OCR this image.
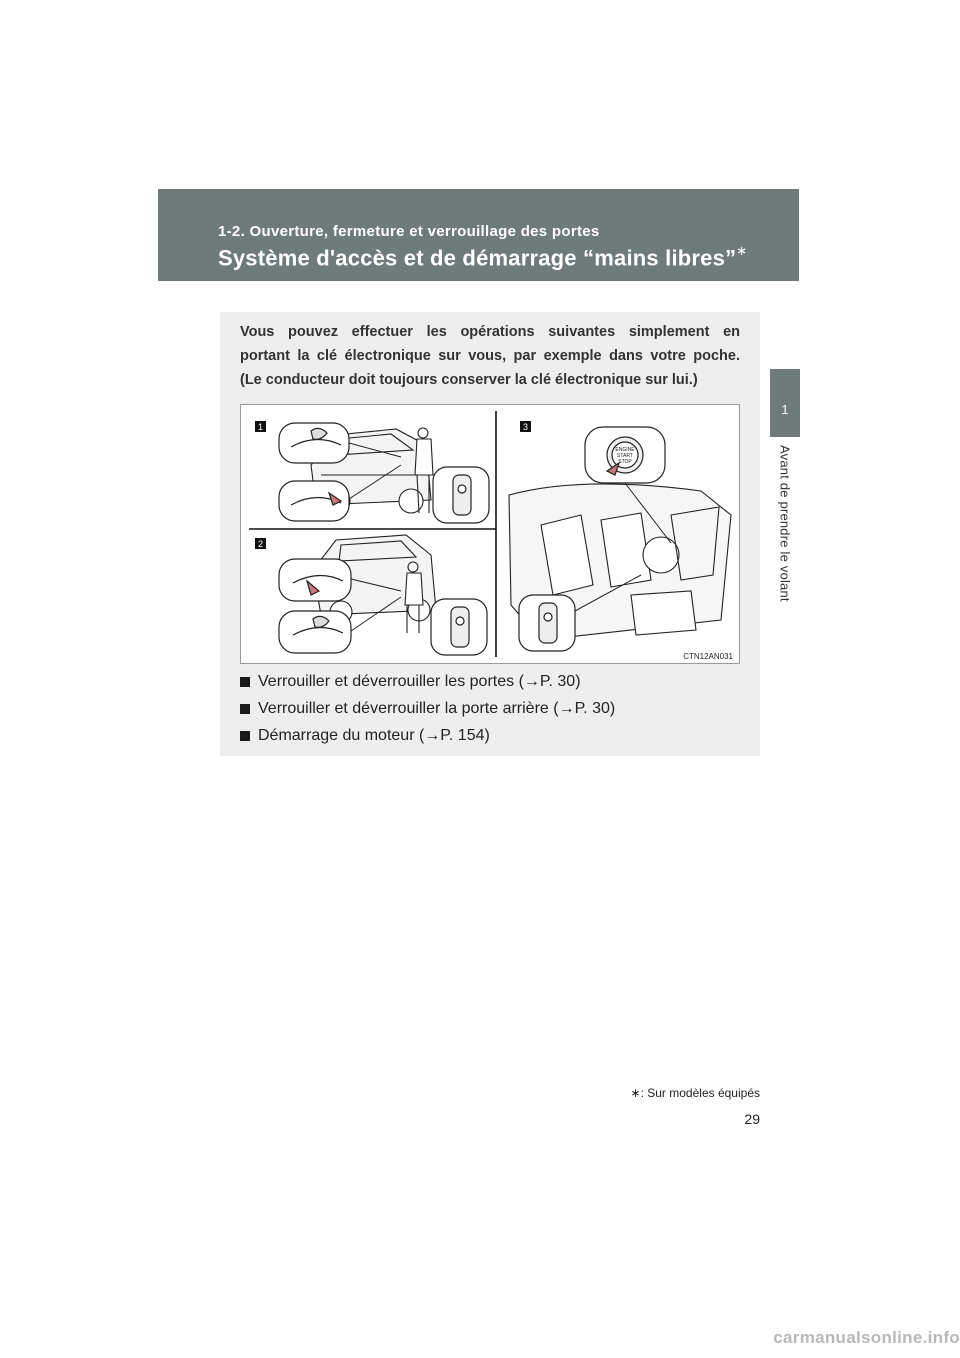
1-2. Ouverture, fermeture et verrouillage des portes
Système d'accès et de démarrage “mains libres”∗
1
Avant de prendre le volant

Vous pouvez effectuer les opérations suivantes simplement en
portant la clé électronique sur vous, par exemple dans votre poche.
(Le conducteur doit toujours conserver la clé électronique sur lui.)

1
2
3
ENGINE
START
STOP
CTN12AN031
Verrouiller et déverrouiller les portes (→P. 30)
Verrouiller et déverrouiller la porte arrière (→P. 30)
Démarrage du moteur (→P. 154)
∗: Sur modèles équipés
29
carmanualsonline.info
